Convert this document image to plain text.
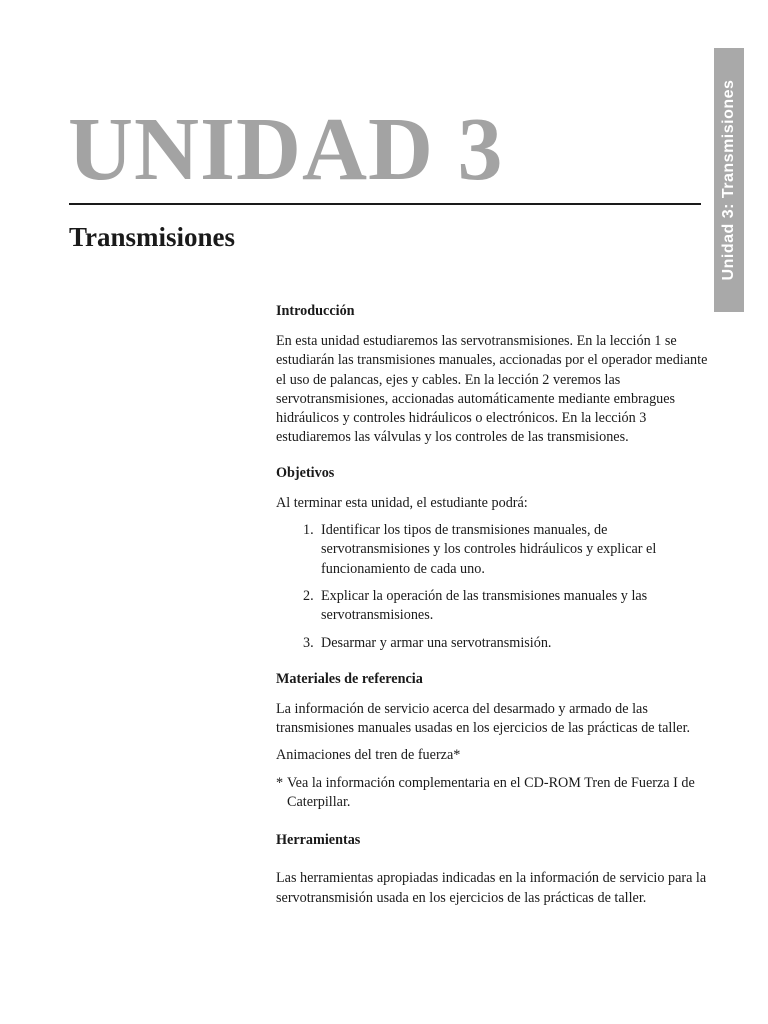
Unidad 3: Transmisiones
UNIDAD 3
Transmisiones
Introducción

En esta unidad estudiaremos las servotransmisiones. En la lección 1 se estudiarán las transmisiones manuales, accionadas por el operador mediante el uso de palancas, ejes y cables. En la lección 2 veremos las servotransmisiones, accionadas automáticamente mediante embragues hidráulicos y controles hidráulicos o electrónicos. En la lección 3 estudiaremos las válvulas y los controles de las transmisiones.

Objetivos

Al terminar esta unidad, el estudiante podrá:

1. Identificar los tipos de transmisiones manuales, de servotransmisiones y los controles hidráulicos y explicar el funcionamiento de cada uno.
2. Explicar la operación de las transmisiones manuales y las servotransmisiones.
3. Desarmar y armar una servotransmisión.
Materiales de referencia

La información de servicio acerca del desarmado y armado de las transmisiones manuales usadas en los ejercicios de las prácticas de taller.

Animaciones del tren de fuerza*

* Vea la información complementaria en el CD-ROM Tren de Fuerza I de Caterpillar.

Herramientas

Las herramientas apropiadas indicadas en la información de servicio para la servotransmisión usada en los ejercicios de las prácticas de taller.
